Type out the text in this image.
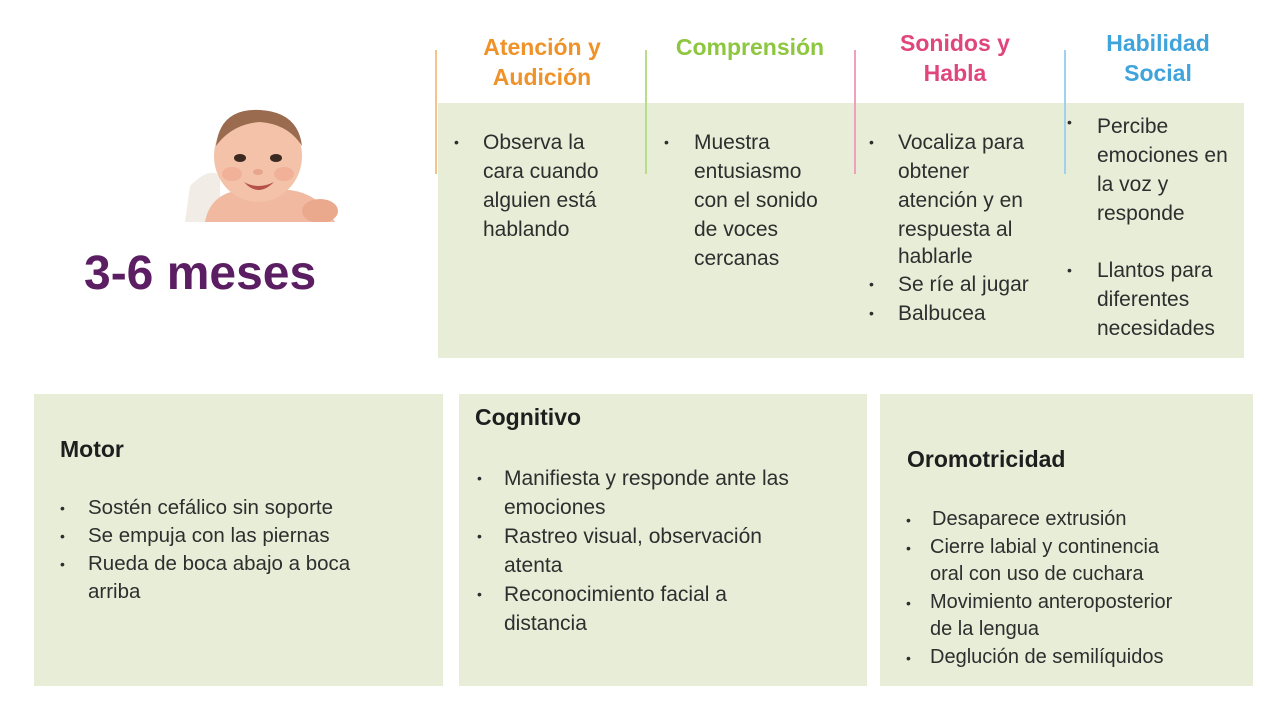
3-6 meses
Atención y
Audición
Comprensión	Sonidos y
Habla
Habilidad
Social
• Observa la
cara cuando
alguien está
hablando
• Muestra
entusiasmo
con el sonido
de voces
cercanas
• Vocaliza para
obtener
atención y en
respuesta al
hablarle
• Se ríe al jugar
• Balbucea
• Percibe
emociones en
la voz y
responde
• Llantos para
diferentes
necesidades
Motor
• Sostén cefálico sin soporte
• Se empuja con las piernas
• Rueda de boca abajo a boca
arriba
Cognitivo
• Manifiesta y responde ante las
emociones
• Rastreo visual, observación
atenta
• Reconocimiento facial a
distancia
Oromotricidad
• Desaparece extrusión
• Cierre labial y continencia
oral con uso de cuchara
• Movimiento anteroposterior
de la lengua
• Deglución de semilíquidos
